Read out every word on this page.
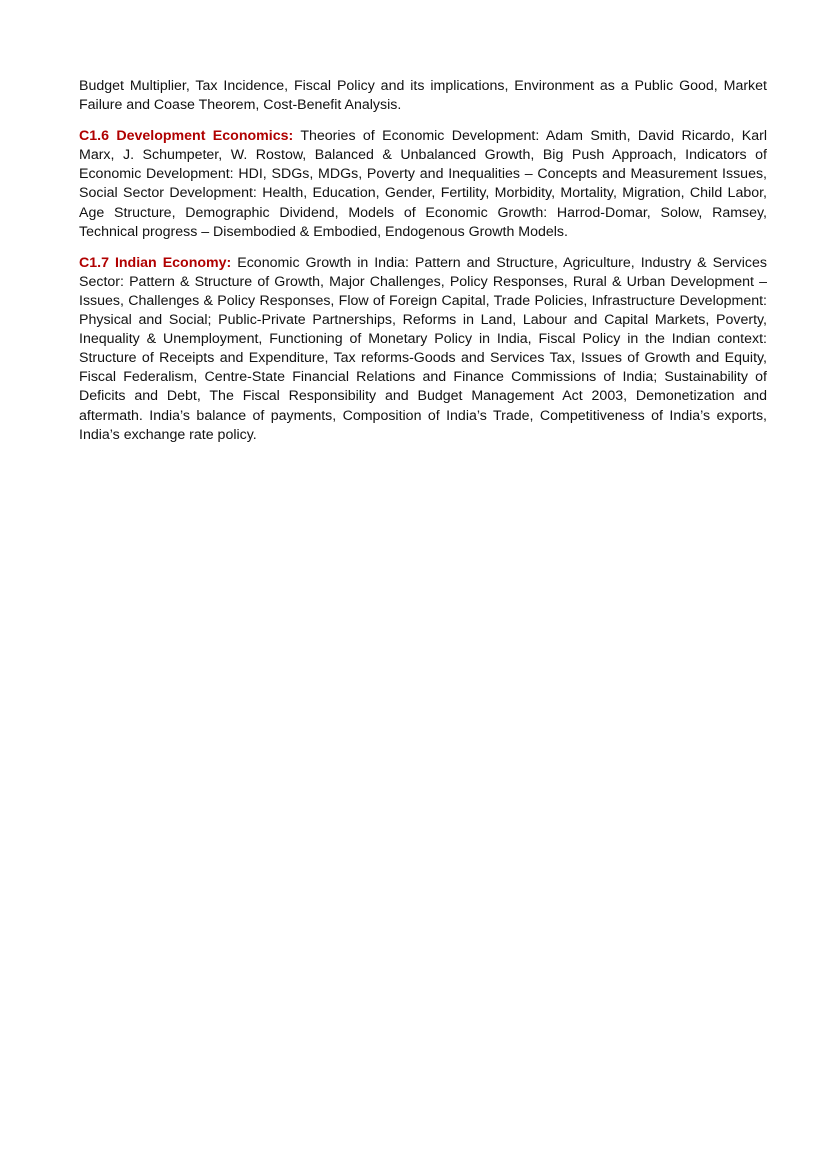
Budget Multiplier, Tax Incidence, Fiscal Policy and its implications, Environment as a Public Good, Market Failure and Coase Theorem, Cost-Benefit Analysis.

C1.6 Development Economics: Theories of Economic Development: Adam Smith, David Ricardo, Karl Marx, J. Schumpeter, W. Rostow, Balanced & Unbalanced Growth, Big Push Approach, Indicators of Economic Development: HDI, SDGs, MDGs, Poverty and Inequalities – Concepts and Measurement Issues, Social Sector Development: Health, Education, Gender, Fertility, Morbidity, Mortality, Migration, Child Labor, Age Structure, Demographic Dividend, Models of Economic Growth: Harrod-Domar, Solow, Ramsey, Technical progress – Disembodied & Embodied, Endogenous Growth Models.

C1.7 Indian Economy: Economic Growth in India: Pattern and Structure, Agriculture, Industry & Services Sector: Pattern & Structure of Growth, Major Challenges, Policy Responses, Rural & Urban Development – Issues, Challenges & Policy Responses, Flow of Foreign Capital, Trade Policies, Infrastructure Development: Physical and Social; Public-Private Partnerships, Reforms in Land, Labour and Capital Markets, Poverty, Inequality & Unemployment, Functioning of Monetary Policy in India, Fiscal Policy in the Indian context: Structure of Receipts and Expenditure, Tax reforms-Goods and Services Tax, Issues of Growth and Equity, Fiscal Federalism, Centre-State Financial Relations and Finance Commissions of India; Sustainability of Deficits and Debt, The Fiscal Responsibility and Budget Management Act 2003, Demonetization and aftermath. India’s balance of payments, Composition of India’s Trade, Competitiveness of India’s exports, India’s exchange rate policy.
